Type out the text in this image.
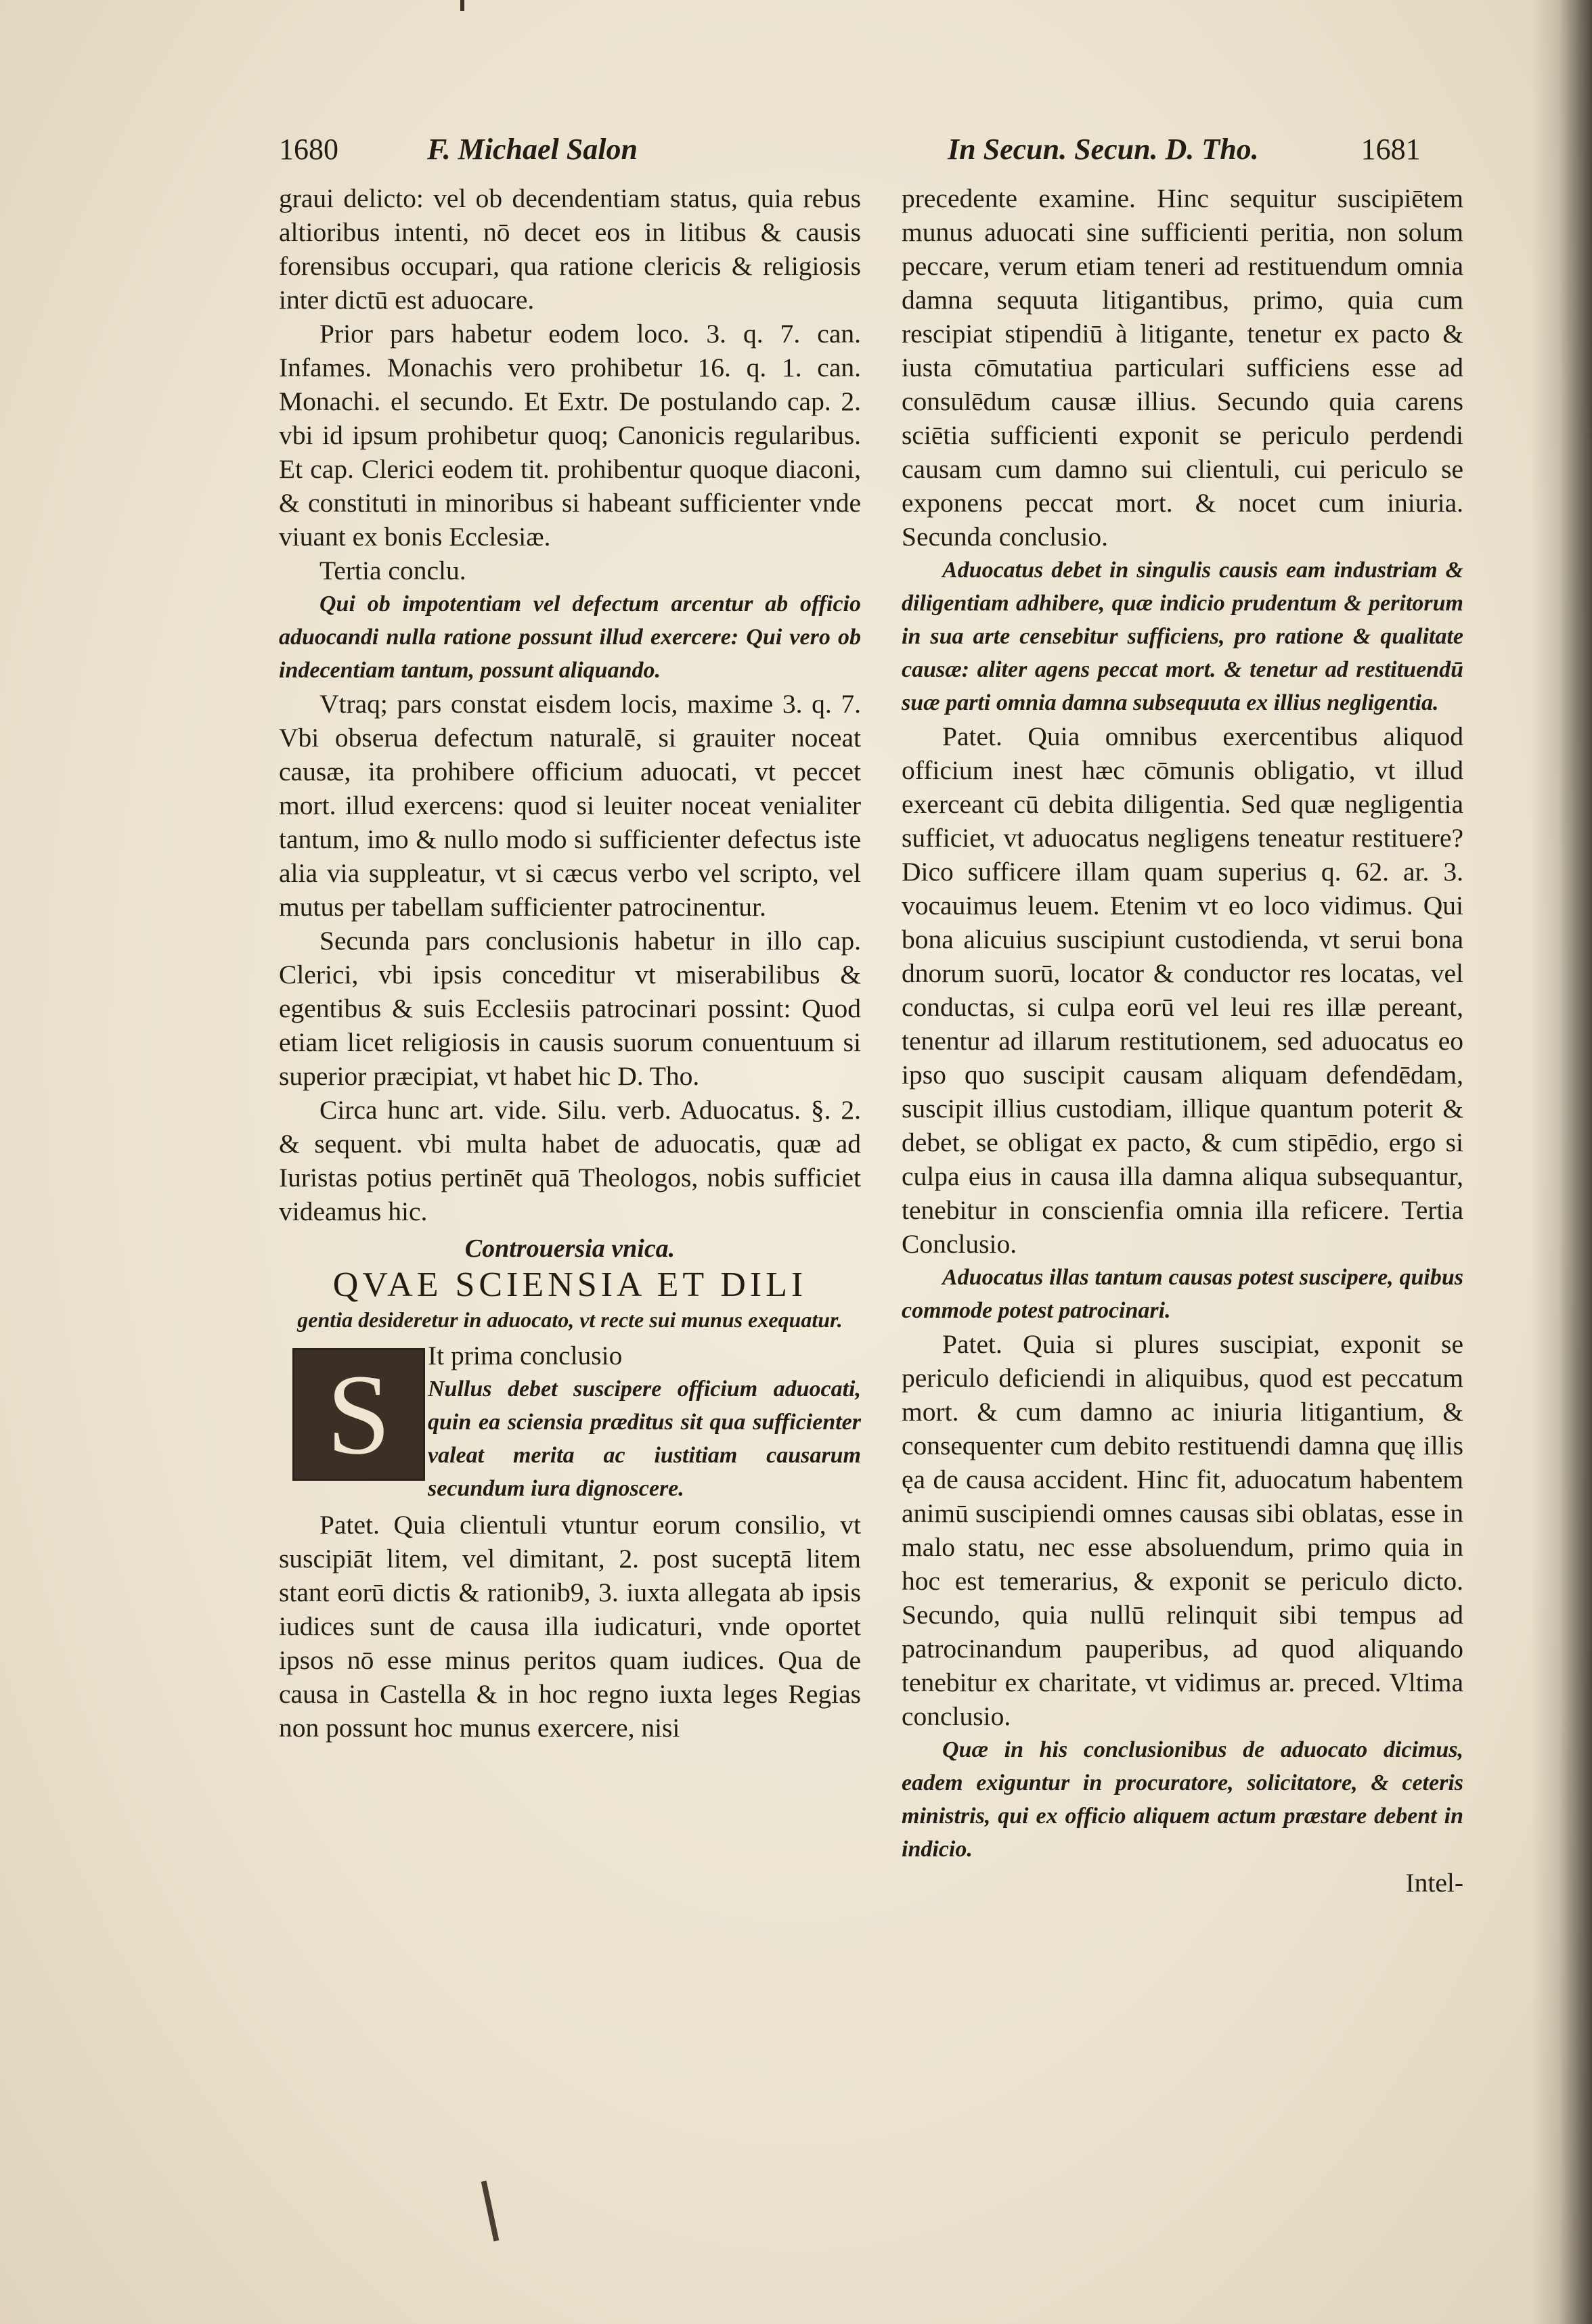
1680	F. Michael Salon	In Secun. Secun. D. Tho.	1681

graui delicto: vel ob decendentiam status, quia rebus altioribus intenti, nō decet eos in litibus & causis forensibus occupari, qua ratione clericis & religiosis inter dictū est aduocare.

Prior pars habetur eodem loco. 3. q. 7. can. Infames. Monachis vero prohibetur 16. q. 1. can. Monachi. el secundo. Et Extr. De postulando cap. 2. vbi id ipsum prohibetur quoq; Canonicis regularibus. Et cap. Clerici eodem tit. prohibentur quoque diaconi, & constituti in minoribus si habeant sufficienter vnde viuant ex bonis Ecclesiæ.

Tertia conclu.

Qui ob impotentiam vel defectum arcentur ab officio aduocandi nulla ratione possunt illud exercere: Qui vero ob indecentiam tantum, possunt aliquando.

Vtraq; pars constat eisdem locis, maxime 3. q. 7. Vbi obserua defectum naturalē, si grauiter noceat causæ, ita prohibere officium aduocati, vt peccet mort. illud exercens: quod si leuiter noceat venialiter tantum, imo & nullo modo si sufficienter defectus iste alia via suppleatur, vt si cæcus verbo vel scripto, vel mutus per tabellam sufficienter patrocinentur.

Secunda pars conclusionis habetur in illo cap. Clerici, vbi ipsis conceditur vt miserabilibus & egentibus & suis Ecclesiis patrocinari possint: Quod etiam licet religiosis in causis suorum conuentuum si superior præcipiat, vt habet hic D. Tho.

Circa hunc art. vide. Silu. verb. Aduocatus. §. 2. & sequent. vbi multa habet de aduocatis, quæ ad Iuristas potius pertinēt quā Theologos, nobis sufficiet videamus hic.

Controuersia vnica.

QVAE SCIENSIA ET DILI

gentia desideretur in aduocato, vt recte sui munus exequatur.

S	It prima conclusio

Nullus debet suscipere officium aduocati, quin ea sciensia præditus sit qua sufficienter valeat merita ac iustitiam causarum secundum iura dignoscere.

Patet. Quia clientuli vtuntur eorum consilio, vt suscipiāt litem, vel dimitant, 2. post suceptā litem stant eorū dictis & rationib9, 3. iuxta allegata ab ipsis iudices sunt de causa illa iudicaturi, vnde oportet ipsos nō esse minus peritos quam iudices. Qua de causa in Castella & in hoc regno iuxta leges Regias non possunt hoc munus exercere, nisi

precedente examine. Hinc sequitur suscipiētem munus aduocati sine sufficienti peritia, non solum peccare, verum etiam teneri ad restituendum omnia damna sequuta litigantibus, primo, quia cum rescipiat stipendiū à litigante, tenetur ex pacto & iusta cōmutatiua particulari sufficiens esse ad consulēdum causæ illius. Secundo quia carens sciētia sufficienti exponit se periculo perdendi causam cum damno sui clientuli, cui periculo se exponens peccat mort. & nocet cum iniuria. Secunda conclusio.

Aduocatus debet in singulis causis eam industriam & diligentiam adhibere, quæ indicio prudentum & peritorum in sua arte censebitur sufficiens, pro ratione & qualitate causæ: aliter agens peccat mort. & tenetur ad restituendū suæ parti omnia damna subsequuta ex illius negligentia.

Patet. Quia omnibus exercentibus aliquod officium inest hæc cōmunis obligatio, vt illud exerceant cū debita diligentia. Sed quæ negligentia sufficiet, vt aduocatus negligens teneatur restituere? Dico sufficere illam quam superius q. 62. ar. 3. vocauimus leuem. Etenim vt eo loco vidimus. Qui bona alicuius suscipiunt custodienda, vt serui bona dnorum suorū, locator & conductor res locatas, vel conductas, si culpa eorū vel leui res illæ pereant, tenentur ad illarum restitutionem, sed aduocatus eo ipso quo suscipit causam aliquam defendēdam, suscipit illius custodiam, illique quantum poterit & debet, se obligat ex pacto, & cum stipēdio, ergo si culpa eius in causa illa damna aliqua subsequantur, tenebitur in conscienfia omnia illa reficere. Tertia Conclusio.

Aduocatus illas tantum causas potest suscipere, quibus commode potest patrocinari.

Patet. Quia si plures suscipiat, exponit se periculo deficiendi in aliquibus, quod est peccatum mort. & cum damno ac iniuria litigantium, & consequenter cum debito restituendi damna quę illis ęa de causa accident. Hinc fit, aduocatum habentem animū suscipiendi omnes causas sibi oblatas, esse in malo statu, nec esse absoluendum, primo quia in hoc est temerarius, & exponit se periculo dicto. Secundo, quia nullū relinquit sibi tempus ad patrocinandum pauperibus, ad quod aliquando tenebitur ex charitate, vt vidimus ar. preced. Vltima conclusio.

Quæ in his conclusionibus de aduocato dicimus, eadem exiguntur in procuratore, solicitatore, & ceteris ministris, qui ex officio aliquem actum præstare debent in indicio.

Intel-
